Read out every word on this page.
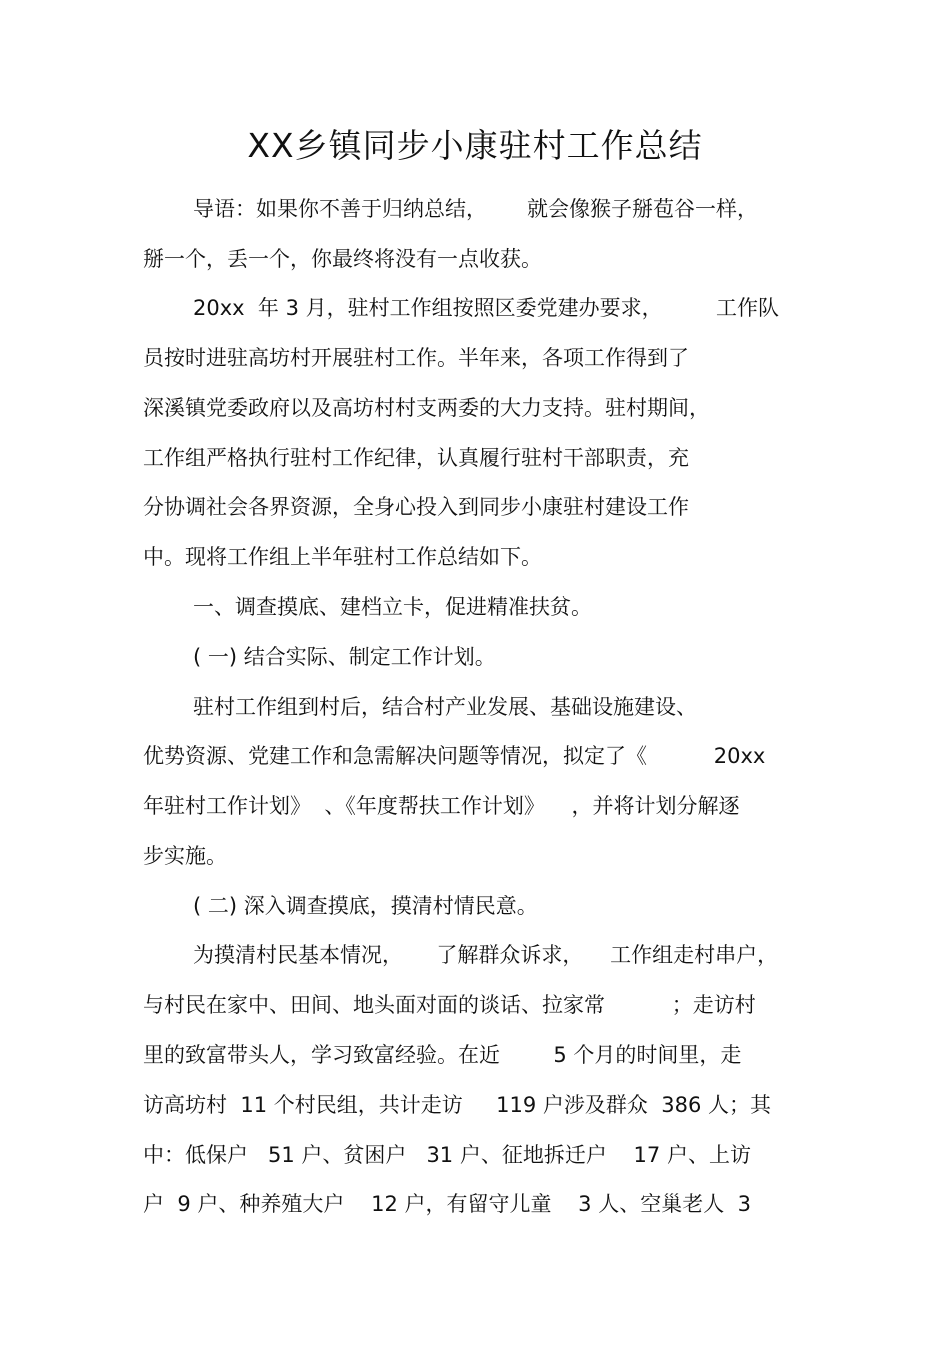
XX乡镇同步小康驻村工作总结
导语：如果你不善于归纳总结，      就会像猴子掰苞谷一样，
掰一个，丢一个，你最终将没有一点收获。
20xx  年 3 月，驻村工作组按照区委党建办要求，        工作队
员按时进驻高坊村开展驻村工作。半年来，各项工作得到了
深溪镇党委政府以及高坊村村支两委的大力支持。驻村期间，
工作组严格执行驻村工作纪律，认真履行驻村干部职责，充
分协调社会各界资源，全身心投入到同步小康驻村建设工作
中。现将工作组上半年驻村工作总结如下。
一、调查摸底、建档立卡，促进精准扶贫。
( 一) 结合实际、制定工作计划。
驻村工作组到村后，结合村产业发展、基础设施建设、
优势资源、党建工作和急需解决问题等情况，拟定了《          20xx
年驻村工作计划》  、《年度帮扶工作计划》    ，并将计划分解逐
步实施。
( 二) 深入调查摸底，摸清村情民意。
为摸清村民基本情况，     了解群众诉求，    工作组走村串户，
与村民在家中、田间、地头面对面的谈话、拉家常          ；走访村
里的致富带头人，学习致富经验。在近        5 个月的时间里，走
访高坊村  11 个村民组，共计走访     119 户涉及群众  386 人；其
中：低保户   51 户、贫困户   31 户、征地拆迁户    17 户、上访
户  9 户、种养殖大户    12 户，有留守儿童    3 人、空巢老人  3
